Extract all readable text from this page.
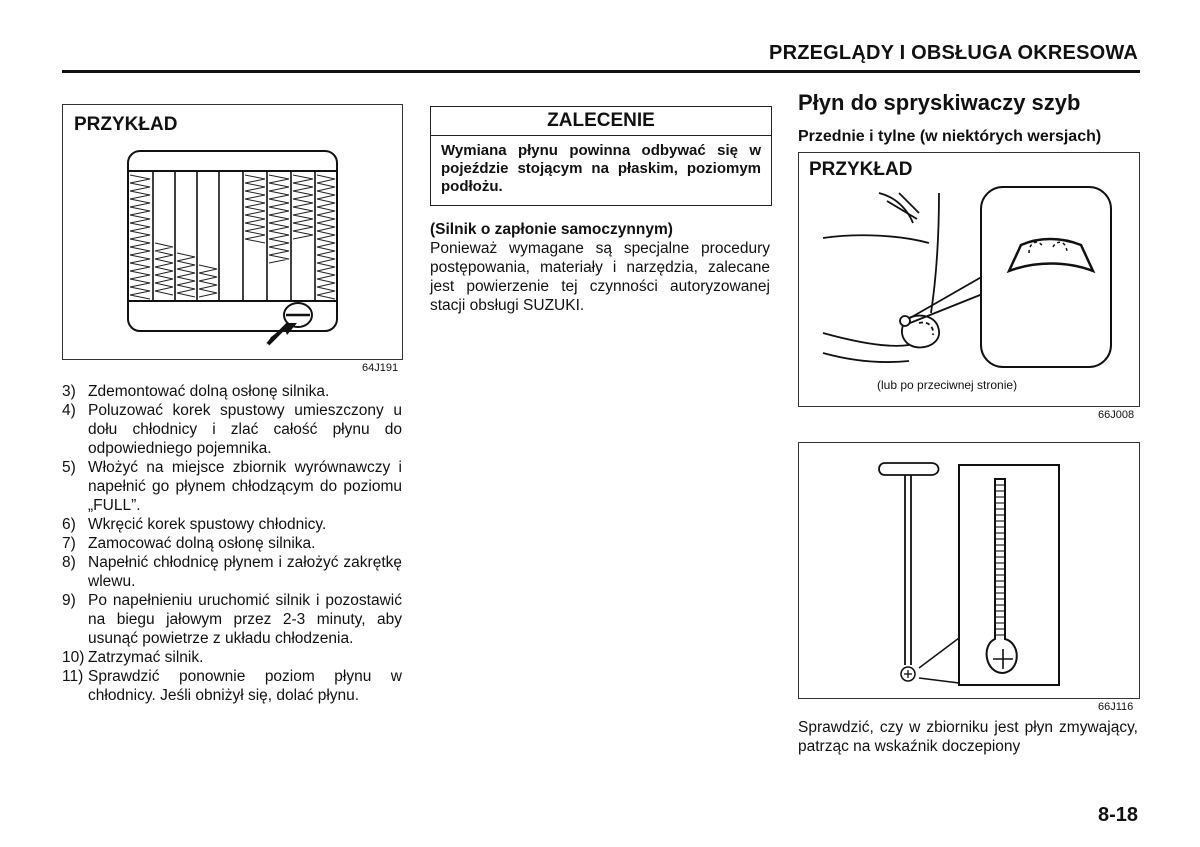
PRZEGLĄDY I OBSŁUGA OKRESOWA
PRZYKŁAD
64J191
3) Zdemontować dolną osłonę silnika.
4) Poluzować korek spustowy umieszczony u dołu chłodnicy i zlać całość płynu do odpowiedniego pojemnika.
5) Włożyć na miejsce zbiornik wyrównawczy i napełnić go płynem chłodzącym do poziomu „FULL”.
6) Wkręcić korek spustowy chłodnicy.
7) Zamocować dolną osłonę silnika.
8) Napełnić chłodnicę płynem i założyć zakrętkę wlewu.
9) Po napełnieniu uruchomić silnik i pozostawić na biegu jałowym przez 2-3 minuty, aby usunąć powietrze z układu chłodzenia.
10) Zatrzymać silnik.
11) Sprawdzić ponownie poziom płynu w chłodnicy. Jeśli obniżył się, dolać płynu.
ZALECENIE
Wymiana płynu powinna odbywać się w pojeździe stojącym na płaskim, poziomym podłożu.
(Silnik o zapłonie samoczynnym)
Ponieważ wymagane są specjalne procedury postępowania, materiały i narzędzia, zalecane jest powierzenie tej czynności autoryzowanej stacji obsługi SUZUKI.
Płyn do spryskiwaczy szyb
Przednie i tylne (w niektórych wersjach)
PRZYKŁAD
(lub po przeciwnej stronie)
66J008
66J116
Sprawdzić, czy w zbiorniku jest płyn zmywający, patrząc na wskaźnik doczepiony
8-18
